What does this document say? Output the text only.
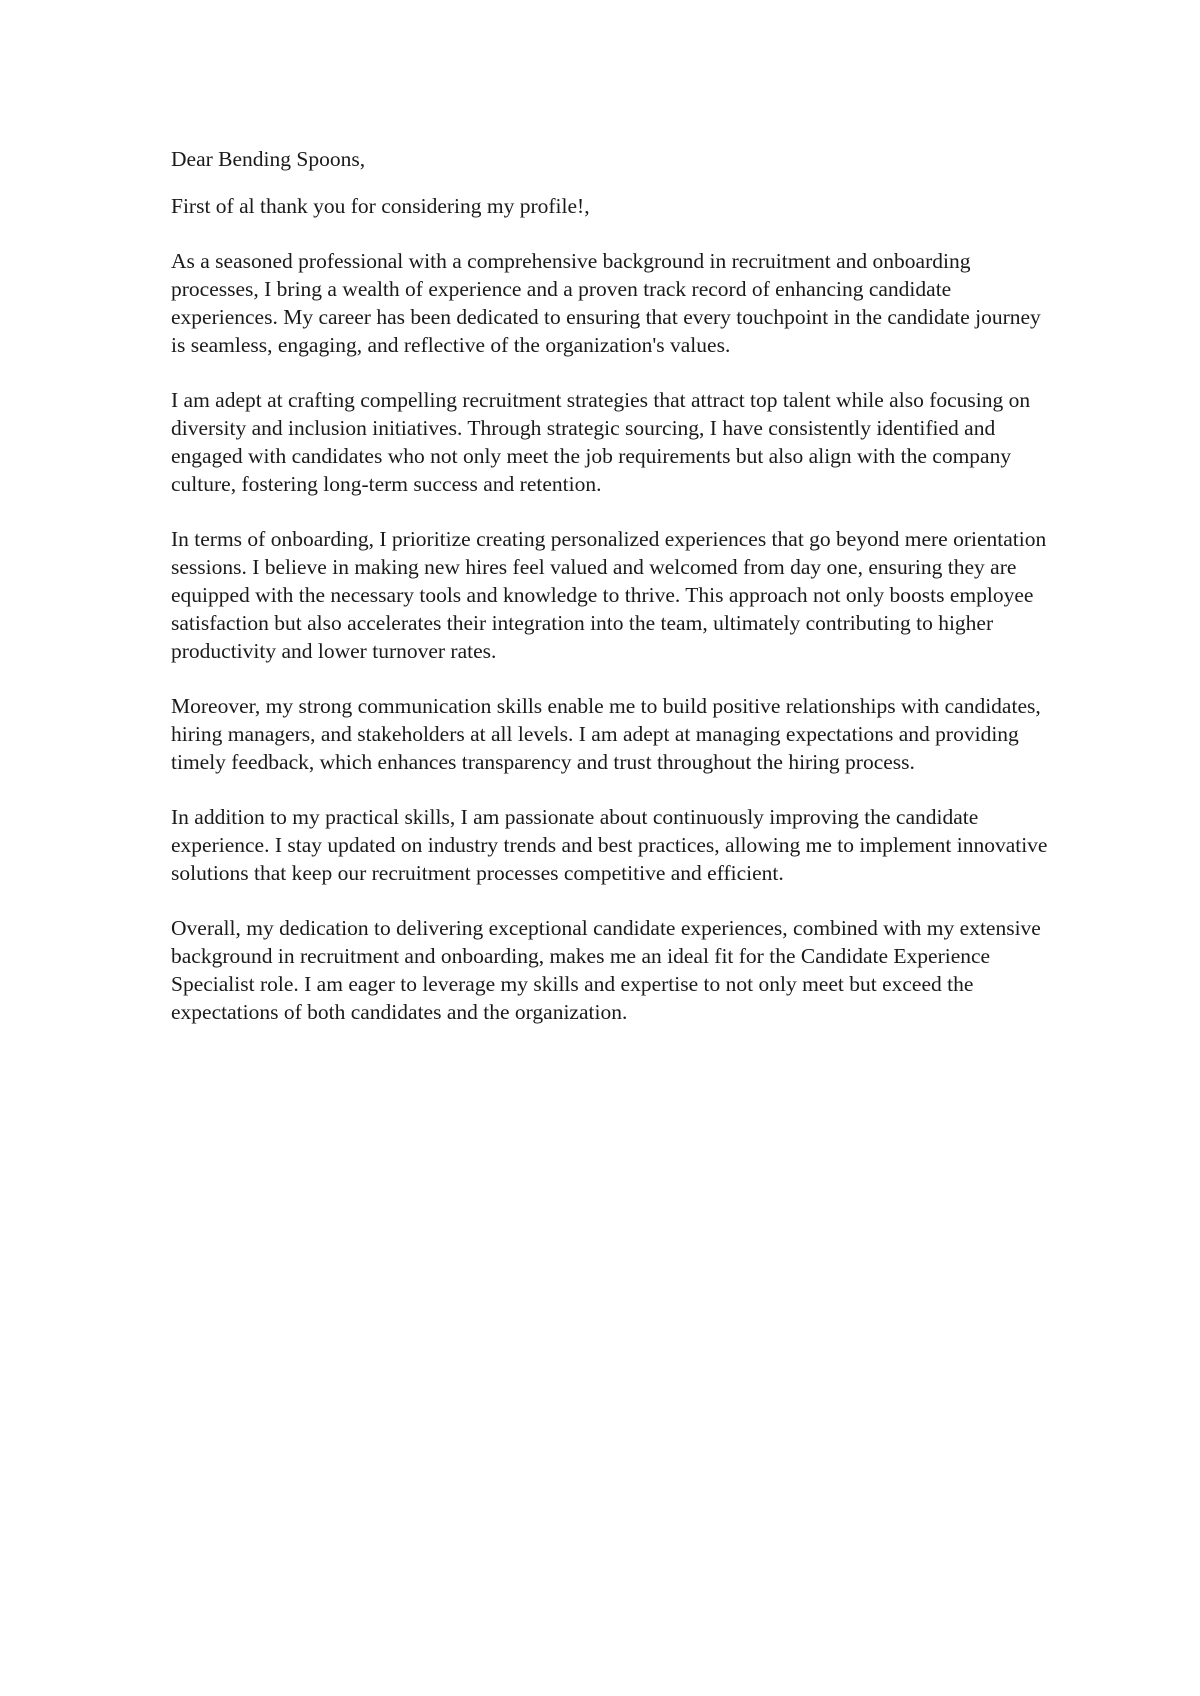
Dear Bending Spoons,

First of al thank you for considering my profile!,

As a seasoned professional with a comprehensive background in recruitment and onboarding processes, I bring a wealth of experience and a proven track record of enhancing candidate experiences. My career has been dedicated to ensuring that every touchpoint in the candidate journey is seamless, engaging, and reflective of the organization's values.

I am adept at crafting compelling recruitment strategies that attract top talent while also focusing on diversity and inclusion initiatives. Through strategic sourcing, I have consistently identified and engaged with candidates who not only meet the job requirements but also align with the company culture, fostering long-term success and retention.

In terms of onboarding, I prioritize creating personalized experiences that go beyond mere orientation sessions. I believe in making new hires feel valued and welcomed from day one, ensuring they are equipped with the necessary tools and knowledge to thrive. This approach not only boosts employee satisfaction but also accelerates their integration into the team, ultimately contributing to higher productivity and lower turnover rates.

Moreover, my strong communication skills enable me to build positive relationships with candidates, hiring managers, and stakeholders at all levels. I am adept at managing expectations and providing timely feedback, which enhances transparency and trust throughout the hiring process.

In addition to my practical skills, I am passionate about continuously improving the candidate experience. I stay updated on industry trends and best practices, allowing me to implement innovative solutions that keep our recruitment processes competitive and efficient.

Overall, my dedication to delivering exceptional candidate experiences, combined with my extensive background in recruitment and onboarding, makes me an ideal fit for the Candidate Experience Specialist role. I am eager to leverage my skills and expertise to not only meet but exceed the expectations of both candidates and the organization.
